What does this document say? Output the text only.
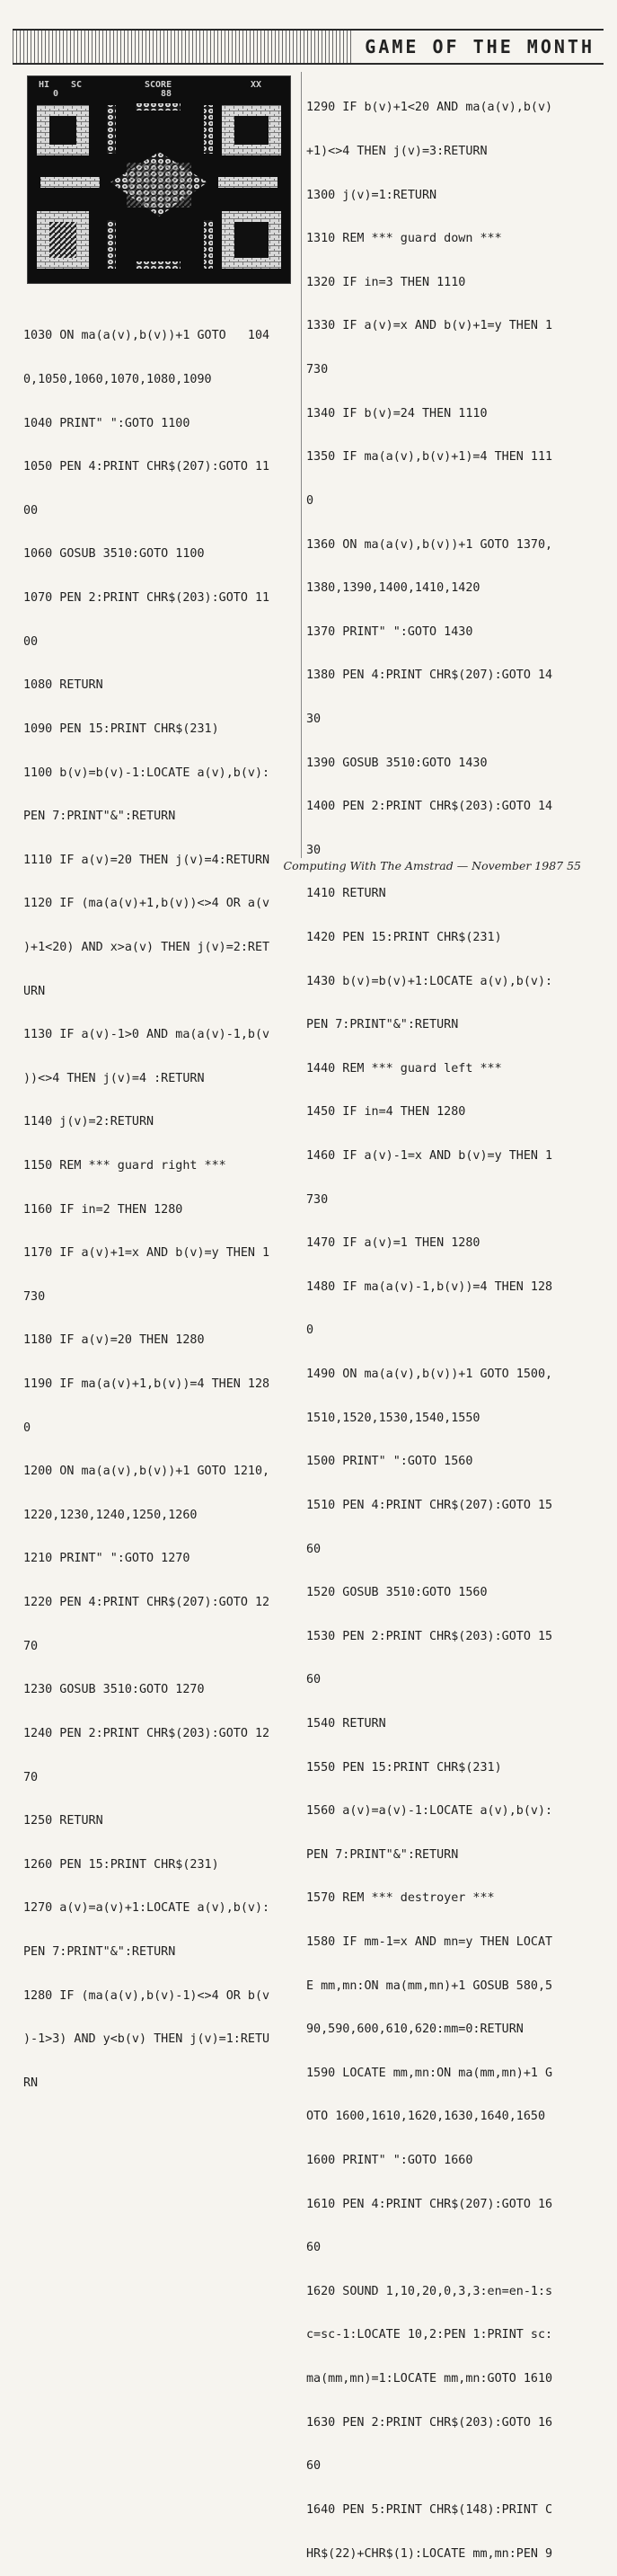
GAME OF THE MONTH
HI SC	SCORE	XX
0	88

1030 ON ma(a(v),b(v))+1 GOTO   104

0,1050,1060,1070,1080,1090

1040 PRINT" ":GOTO 1100

1050 PEN 4:PRINT CHR$(207):GOTO 11

00

1060 GOSUB 3510:GOTO 1100

1070 PEN 2:PRINT CHR$(203):GOTO 11

00

1080 RETURN

1090 PEN 15:PRINT CHR$(231)

1100 b(v)=b(v)-1:LOCATE a(v),b(v):

PEN 7:PRINT"&":RETURN

1110 IF a(v)=20 THEN j(v)=4:RETURN

1120 IF (ma(a(v)+1,b(v))<>4 OR a(v

)+1<20) AND x>a(v) THEN j(v)=2:RET

URN

1130 IF a(v)-1>0 AND ma(a(v)-1,b(v

))<>4 THEN j(v)=4 :RETURN

1140 j(v)=2:RETURN

1150 REM *** guard right ***

1160 IF in=2 THEN 1280

1170 IF a(v)+1=x AND b(v)=y THEN 1

730

1180 IF a(v)=20 THEN 1280

1190 IF ma(a(v)+1,b(v))=4 THEN 128

0

1200 ON ma(a(v),b(v))+1 GOTO 1210,

1220,1230,1240,1250,1260

1210 PRINT" ":GOTO 1270

1220 PEN 4:PRINT CHR$(207):GOTO 12

70

1230 GOSUB 3510:GOTO 1270

1240 PEN 2:PRINT CHR$(203):GOTO 12

70

1250 RETURN

1260 PEN 15:PRINT CHR$(231)

1270 a(v)=a(v)+1:LOCATE a(v),b(v):

PEN 7:PRINT"&":RETURN

1280 IF (ma(a(v),b(v)-1)<>4 OR b(v

)-1>3) AND y<b(v) THEN j(v)=1:RETU

RN

1290 IF b(v)+1<20 AND ma(a(v),b(v)

+1)<>4 THEN j(v)=3:RETURN

1300 j(v)=1:RETURN

1310 REM *** guard down ***

1320 IF in=3 THEN 1110

1330 IF a(v)=x AND b(v)+1=y THEN 1

730

1340 IF b(v)=24 THEN 1110

1350 IF ma(a(v),b(v)+1)=4 THEN 111

0

1360 ON ma(a(v),b(v))+1 GOTO 1370,

1380,1390,1400,1410,1420

1370 PRINT" ":GOTO 1430

1380 PEN 4:PRINT CHR$(207):GOTO 14

30

1390 GOSUB 3510:GOTO 1430

1400 PEN 2:PRINT CHR$(203):GOTO 14

30

1410 RETURN

1420 PEN 15:PRINT CHR$(231)

1430 b(v)=b(v)+1:LOCATE a(v),b(v):

PEN 7:PRINT"&":RETURN

1440 REM *** guard left ***

1450 IF in=4 THEN 1280

1460 IF a(v)-1=x AND b(v)=y THEN 1

730

1470 IF a(v)=1 THEN 1280

1480 IF ma(a(v)-1,b(v))=4 THEN 128

0

1490 ON ma(a(v),b(v))+1 GOTO 1500,

1510,1520,1530,1540,1550

1500 PRINT" ":GOTO 1560

1510 PEN 4:PRINT CHR$(207):GOTO 15

60

1520 GOSUB 3510:GOTO 1560

1530 PEN 2:PRINT CHR$(203):GOTO 15

60

1540 RETURN

1550 PEN 15:PRINT CHR$(231)

1560 a(v)=a(v)-1:LOCATE a(v),b(v):

PEN 7:PRINT"&":RETURN

1570 REM *** destroyer ***

1580 IF mm-1=x AND mn=y THEN LOCAT

E mm,mn:ON ma(mm,mn)+1 GOSUB 580,5

90,590,600,610,620:mm=0:RETURN

1590 LOCATE mm,mn:ON ma(mm,mn)+1 G

OTO 1600,1610,1620,1630,1640,1650

1600 PRINT" ":GOTO 1660

1610 PEN 4:PRINT CHR$(207):GOTO 16

60

1620 SOUND 1,10,20,0,3,3:en=en-1:s

c=sc-1:LOCATE 10,2:PEN 1:PRINT sc:

ma(mm,mn)=1:LOCATE mm,mn:GOTO 1610

1630 PEN 2:PRINT CHR$(203):GOTO 16

60

1640 PEN 5:PRINT CHR$(148):PRINT C

HR$(22)+CHR$(1):LOCATE mm,mn:PEN 9

Computing With The Amstrad — November 1987 55
